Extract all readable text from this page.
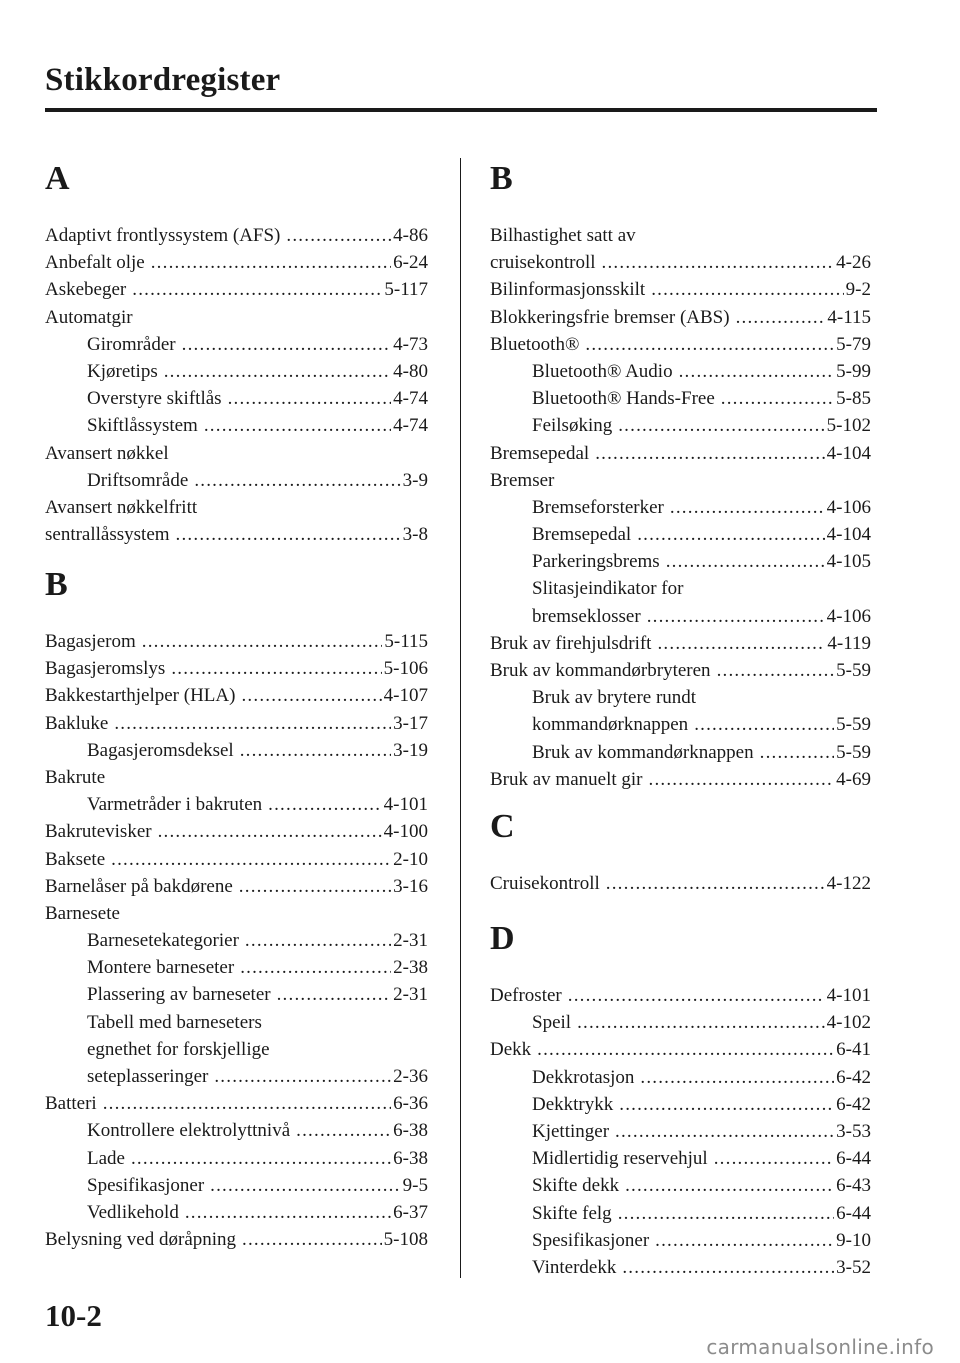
Stikkordregister
A
Adaptivt frontlyssystem (AFS) .....	4-86
Anbefalt olje .....	6-24
Askebeger .....	5-117
Automatgir
Girområder .....	4-73
Kjøretips .....	4-80
Overstyre skiftlås .....	4-74
Skiftlåssystem .....	4-74
Avansert nøkkel
Driftsområde .....	3-9
Avansert nøkkelfritt
sentrallåssystem .....	3-8
B
Bagasjerom .....	5-115
Bagasjeromslys .....	5-106
Bakkestarthjelper (HLA) .....	4-107
Bakluke .....	3-17
Bagasjeromsdeksel .....	3-19
Bakrute
Varmetråder i bakruten .....	4-101
Bakrutevisker .....	4-100
Baksete .....	2-10
Barnelåser på bakdørene .....	3-16
Barnesete
Barnesetekategorier .....	2-31
Montere barneseter .....	2-38
Plassering av barneseter .....	2-31
Tabell med barneseters
egnethet for forskjellige
seteplasseringer .....	2-36
Batteri .....	6-36
Kontrollere elektrolyttnivå .....	6-38
Lade .....	6-38
Spesifikasjoner .....	9-5
Vedlikehold .....	6-37
Belysning ved døråpning .....	5-108
B
Bilhastighet satt av
cruisekontroll .....	4-26
Bilinformasjonsskilt .....	9-2
Blokkeringsfrie bremser (ABS) .....	4-115
Bluetooth® .....	5-79
Bluetooth® Audio .....	5-99
Bluetooth® Hands-Free .....	5-85
Feilsøking .....	5-102
Bremsepedal .....	4-104
Bremser
Bremseforsterker .....	4-106
Bremsepedal .....	4-104
Parkeringsbrems .....	4-105
Slitasjeindikator for
bremseklosser .....	4-106
Bruk av firehjulsdrift .....	4-119
Bruk av kommandørbryteren .....	5-59
Bruk av brytere rundt
kommandørknappen .....	5-59
Bruk av kommandørknappen .....	5-59
Bruk av manuelt gir .....	4-69
C
Cruisekontroll .....	4-122
D
Defroster .....	4-101
Speil .....	4-102
Dekk .....	6-41
Dekkrotasjon .....	6-42
Dekktrykk .....	6-42
Kjettinger .....	3-53
Midlertidig reservehjul .....	6-44
Skifte dekk .....	6-43
Skifte felg .....	6-44
Spesifikasjoner .....	9-10
Vinterdekk .....	3-52
10-2
carmanualsonline.info
